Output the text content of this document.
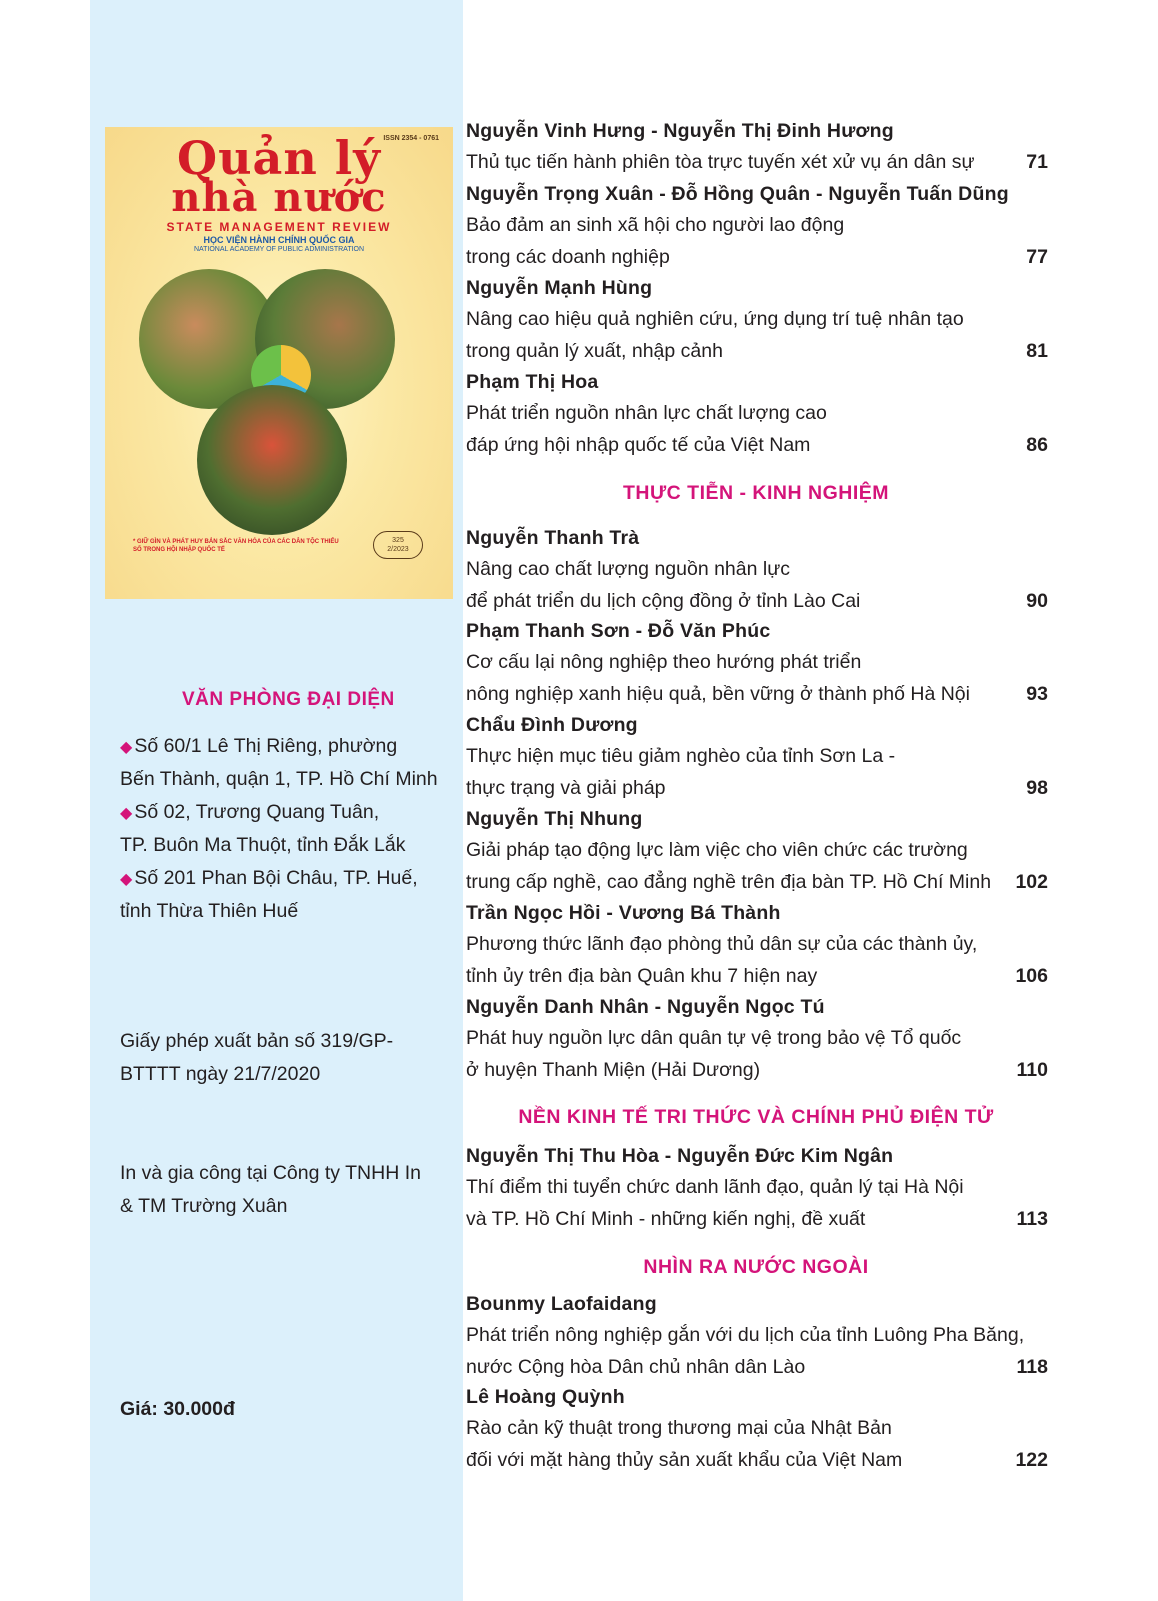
ISSN 2354 - 0761
Quản lý
nhà nước
STATE MANAGEMENT REVIEW
HỌC VIỆN HÀNH CHÍNH QUỐC GIA
NATIONAL ACADEMY OF PUBLIC ADMINISTRATION
* GIỮ GÌN VÀ PHÁT HUY BẢN SẮC VĂN HÓA CỦA CÁC DÂN TỘC THIỂU SỐ TRONG HỘI NHẬP QUỐC TẾ
325
2/2023
VĂN PHÒNG ĐẠI DIỆN
◆ Số 60/1 Lê Thị Riêng, phường
Bến Thành, quận 1, TP. Hồ Chí Minh
◆ Số 02, Trương Quang Tuân,
TP. Buôn Ma Thuột, tỉnh Đắk Lắk
◆ Số 201 Phan Bội Châu, TP. Huế,
tỉnh Thừa Thiên Huế
Giấy phép xuất bản số 319/GP-
BTTTT ngày 21/7/2020
In và gia công tại Công ty TNHH In
& TM Trường Xuân
Giá: 30.000đ
THỰC TIỄN - KINH NGHIỆM
NỀN KINH TẾ TRI THỨC VÀ CHÍNH PHỦ ĐIỆN TỬ
NHÌN RA NƯỚC NGOÀI
Nguyễn Vinh Hưng - Nguyễn Thị Đinh Hương
Thủ tục tiến hành phiên tòa trực tuyến xét xử vụ án dân sự	71
Nguyễn Trọng Xuân - Đỗ Hồng Quân - Nguyễn Tuấn Dũng
Bảo đảm an sinh xã hội cho người lao động
trong các doanh nghiệp	77
Nguyễn Mạnh Hùng
Nâng cao hiệu quả nghiên cứu, ứng dụng trí tuệ nhân tạo
trong quản lý xuất, nhập cảnh	81
Phạm Thị Hoa
Phát triển nguồn nhân lực chất lượng cao
đáp ứng hội nhập quốc tế của Việt Nam	86
Nguyễn Thanh Trà
Nâng cao chất lượng nguồn nhân lực
để phát triển du lịch cộng đồng ở tỉnh Lào Cai	90
Phạm Thanh Sơn - Đỗ Văn Phúc
Cơ cấu lại nông nghiệp theo hướng phát triển
nông nghiệp xanh hiệu quả, bền vững ở thành phố Hà Nội	93
Chẩu Đình Dương
Thực hiện mục tiêu giảm nghèo của tỉnh Sơn La -
thực trạng và giải pháp	98
Nguyễn Thị Nhung
Giải pháp tạo động lực làm việc cho viên chức các trường
trung cấp nghề, cao đẳng nghề trên địa bàn TP. Hồ Chí Minh 102
Trần Ngọc Hồi - Vương Bá Thành
Phương thức lãnh đạo phòng thủ dân sự của các thành ủy,
tỉnh ủy trên địa bàn Quân khu 7 hiện nay	106
Nguyễn Danh Nhân - Nguyễn Ngọc Tú
Phát huy nguồn lực dân quân tự vệ trong bảo vệ Tổ quốc
ở huyện Thanh Miện (Hải Dương)	110
Nguyễn Thị Thu Hòa - Nguyễn Đức Kim Ngân
Thí điểm thi tuyển chức danh lãnh đạo, quản lý tại Hà Nội
và TP. Hồ Chí Minh - những kiến nghị, đề xuất	113
Bounmy Laofaidang
Phát triển nông nghiệp gắn với du lịch của tỉnh Luông Pha Băng,
nước Cộng hòa Dân chủ nhân dân Lào	118
Lê Hoàng Quỳnh
Rào cản kỹ thuật trong thương mại của Nhật Bản
đối với mặt hàng thủy sản xuất khẩu của Việt Nam	122
